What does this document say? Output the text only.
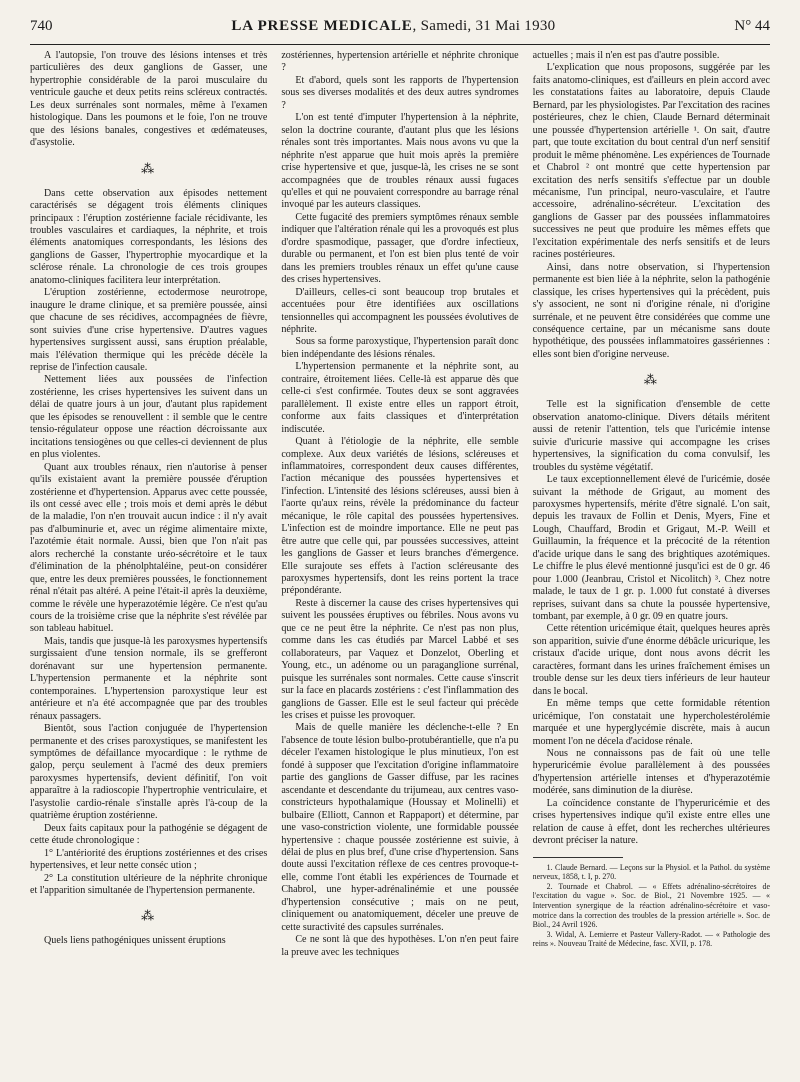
740	LA PRESSE MEDICALE, Samedi, 31 Mai 1930	N° 44

A l'autopsie, l'on trouve des lésions intenses et très particulières des deux ganglions de Gasser, une hypertrophie considérable de la paroi musculaire du ventricule gauche et deux petits reins scléreux contractés. Les deux surrénales sont normales, même à l'examen histologique. Dans les poumons et le foie, l'on ne trouve que des lésions banales, congestives et œdémateuses, d'asystolie.

⁂

Dans cette observation aux épisodes nettement caractérisés se dégagent trois éléments cliniques principaux : l'éruption zostérienne faciale récidivante, les troubles vasculaires et cardiaques, la néphrite, et trois éléments anatomiques correspondants, les lésions des ganglions de Gasser, l'hypertrophie myocardique et la sclérose rénale. La chronologie de ces trois groupes anatomo-cliniques facilitera leur interprétation.

L'éruption zostérienne, ectodermose neurotrope, inaugure le drame clinique, et sa première poussée, ainsi que chacune de ses récidives, accompagnées de fièvre, sont suivies d'une crise hypertensive. D'autres vagues hypertensives surgissent aussi, sans éruption préalable, mais l'élévation thermique qui les précède décèle la reprise de l'infection causale.

Nettement liées aux poussées de l'infection zostérienne, les crises hypertensives les suivent dans un délai de quatre jours à un jour, d'autant plus rapidement que les épisodes se renouvellent : il semble que le centre tensio-régulateur oppose une réaction décroissante aux incitations tensiogènes ou que celles-ci deviennent de plus en plus violentes.

Quant aux troubles rénaux, rien n'autorise à penser qu'ils existaient avant la première poussée d'éruption zostérienne et d'hypertension. Apparus avec cette poussée, ils ont cessé avec elle ; trois mois et demi après le début de la maladie, l'on n'en trouvait aucun indice : il n'y avait pas d'albuminurie et, avec un régime alimentaire mixte, l'azotémie était normale. Aussi, bien que l'on n'ait pas alors recherché la constante uréo-sécrétoire et le taux d'élimination de la phénolphtaléine, peut-on considérer que, entre les deux premières poussées, le fonctionnement rénal n'était pas altéré. A peine l'était-il après la deuxième, comme le révèle une hyperazotémie légère. Ce n'est qu'au cours de la troisième crise que la néphrite s'est révélée par son tableau habituel.

Mais, tandis que jusque-là les paroxysmes hypertensifs surgissaient d'une tension normale, ils se grefferont dorénavant sur une hypertension permanente. L'hypertension permanente et la néphrite sont contemporaines. L'hypertension paroxystique leur est antérieure et n'a été accompagnée que par des troubles rénaux passagers.

Bientôt, sous l'action conjuguée de l'hypertension permanente et des crises paroxystiques, se manifestent les symptômes de défaillance myocardique : le rythme de galop, perçu seulement à l'acmé des deux premiers paroxysmes hypertensifs, devient définitif, l'on voit apparaître à la radioscopie l'hypertrophie ventriculaire, et l'asystolie cardio-rénale s'installe après l'à-coup de la quatrième éruption zostérienne.

Deux faits capitaux pour la pathogénie se dégagent de cette étude chronologique :

1° L'antériorité des éruptions zostériennes et des crises hypertensives, et leur nette conséc ution ;

2° La constitution ultérieure de la néphrite chronique et l'apparition simultanée de l'hypertension permanente.

⁂

Quels liens pathogéniques unissent éruptions

zostériennes, hypertension artérielle et néphrite chronique ?

Et d'abord, quels sont les rapports de l'hypertension sous ses diverses modalités et des deux autres syndromes ?

L'on est tenté d'imputer l'hypertension à la néphrite, selon la doctrine courante, d'autant plus que les lésions rénales sont très importantes. Mais nous avons vu que la néphrite n'est apparue que huit mois après la première crise hypertensive et que, jusque-là, les crises ne se sont accompagnées que de troubles rénaux aussi fugaces qu'elles et qui ne pouvaient correspondre au barrage rénal invoqué par les auteurs classiques.

Cette fugacité des premiers symptômes rénaux semble indiquer que l'altération rénale qui les a provoqués est plus d'ordre spasmodique, passager, que d'ordre infectieux, durable ou permanent, et l'on est bien plus tenté de voir dans les premiers troubles rénaux un effet qu'une cause des crises hypertensives.

D'ailleurs, celles-ci sont beaucoup trop brutales et accentuées pour être identifiées aux oscillations tensionnelles qui accompagnent les poussées évolutives de néphrite.

Sous sa forme paroxystique, l'hypertension paraît donc bien indépendante des lésions rénales.

L'hypertension permanente et la néphrite sont, au contraire, étroitement liées. Celle-là est apparue dès que celle-ci s'est confirmée. Toutes deux se sont aggravées parallèlement. Il existe entre elles un rapport étroit, conforme aux faits classiques et d'interprétation indiscutée.

Quant à l'étiologie de la néphrite, elle semble complexe. Aux deux variétés de lésions, scléreuses et inflammatoires, correspondent deux causes différentes, l'action mécanique des poussées hypertensives et l'infection. L'intensité des lésions scléreuses, aussi bien à l'aorte qu'aux reins, révèle la prédominance du facteur mécanique, le rôle capital des poussées hypertensives. L'infection est de moindre importance. Elle ne peut pas être autre que celle qui, par poussées successives, atteint les ganglions de Gasser et leurs branches d'émergence. Elle surajoute ses effets à l'action scléreusante des paroxysmes hypertensifs, dont les reins portent la trace prépondérante.

Reste à discerner la cause des crises hypertensives qui suivent les poussées éruptives ou fébriles. Nous avons vu que ce ne peut être la néphrite. Ce n'est pas non plus, comme dans les cas étudiés par Marcel Labbé et ses collaborateurs, par Vaquez et Donzelot, Oberling et Young, etc., un adénome ou un paraganglione surrénal, puisque les surrénales sont normales. Cette cause s'inscrit sur la face en placards zostériens : c'est l'inflammation des ganglions de Gasser. Elle est le seul facteur qui précède les crises et puisse les provoquer.

Mais de quelle manière les déclenche-t-elle ? En l'absence de toute lésion bulbo-protubérantielle, que n'a pu déceler l'examen histologique le plus minutieux, l'on est fondé à supposer que l'excitation d'origine inflammatoire partie des ganglions de Gasser diffuse, par les racines ascendante et descendante du trijumeau, aux centres vaso-constricteurs hypothalamique (Houssay et Molinelli) et bulbaire (Elliott, Cannon et Rappaport) et détermine, par une vaso-constriction violente, une formidable poussée hypertensive : chaque poussée zostérienne est suivie, à délai de plus en plus bref, d'une crise d'hypertension. Sans doute aussi l'excitation réflexe de ces centres provoque-t-elle, comme l'ont établi les expériences de Tournade et Chabrol, une hyper-adrénalinémie et une poussée d'hypertension consécutive ; mais on ne peut, cliniquement ou anatomiquement, déceler une preuve de cette suractivité des capsules surrénales.

Ce ne sont là que des hypothèses. L'on n'en peut faire la preuve avec les techniques

actuelles ; mais il n'en est pas d'autre possible.

L'explication que nous proposons, suggérée par les faits anatomo-cliniques, est d'ailleurs en plein accord avec les constatations faites au laboratoire, depuis Claude Bernard, par les physiologistes. Par l'excitation des racines postérieures, chez le chien, Claude Bernard déterminait une poussée d'hypertension artérielle ¹. On sait, d'autre part, que toute excitation du bout central d'un nerf sensitif produit le même phénomène. Les expériences de Tournade et Chabrol ² ont montré que cette hypertension par excitation des nerfs sensitifs s'effectue par un double mécanisme, l'un principal, neuro-vasculaire, et l'autre accessoire, adrénalino-sécréteur. L'excitation des ganglions de Gasser par des poussées inflammatoires successives ne peut que produire les mêmes effets que l'excitation expérimentale des nerfs sensitifs et de leurs racines postérieures.

Ainsi, dans notre observation, si l'hypertension permanente est bien liée à la néphrite, selon la pathogénie classique, les crises hypertensives qui la précèdent, puis s'y associent, ne sont ni d'origine rénale, ni d'origine surrénale, et ne peuvent être considérées que comme une conséquence certaine, par un mécanisme sans doute hypothétique, des poussées inflammatoires gassériennes : elles sont bien d'origine nerveuse.

⁂

Telle est la signification d'ensemble de cette observation anatomo-clinique. Divers détails méritent aussi de retenir l'attention, tels que l'uricémie intense suivie d'uricurie massive qui accompagne les crises hypertensives, la signification du coma convulsif, les troubles du système végétatif.

Le taux exceptionnellement élevé de l'uricémie, dosée suivant la méthode de Grigaut, au moment des paroxysmes hypertensifs, mérite d'être signalé. L'on sait, depuis les travaux de Follin et Denis, Myers, Fine et Lough, Chauffard, Brodin et Grigaut, M.-P. Weill et Guillaumin, la fréquence et la précocité de la rétention d'acide urique dans le sang des brightiques azotémiques. Le chiffre le plus élevé mentionné jusqu'ici est de 0 gr. 46 pour 1.000 (Jeanbrau, Cristol et Nicolitch) ³. Chez notre malade, le taux de 1 gr. p. 1.000 fut constaté à diverses reprises, suivant dans sa chute la poussée hypertensive, tombant, par exemple, à 0 gr. 09 en quatre jours.

Cette rétention uricémique était, quelques heures après son apparition, suivie d'une énorme débâcle uricurique, les cristaux d'acide urique, dont nous avons décrit les caractères, formant dans les urines fraîchement émises un trouble dense sur les deux tiers inférieurs de leur hauteur dans le bocal.

En même temps que cette formidable rétention uricémique, l'on constatait une hypercholestérolémie marquée et une hyperglycémie discrète, mais à aucun moment l'on ne décela d'acidose rénale.

Nous ne connaissons pas de fait où une telle hyperuricémie évolue parallèlement à des poussées d'hypertension artérielle intenses et d'hyperazotémie modérée, sans diminution de la diurèse.

La coïncidence constante de l'hyperuricémie et des crises hypertensives indique qu'il existe entre elles une relation de cause à effet, dont les recherches ultérieures devront préciser la nature.

1. Claude Bernard. — Leçons sur la Physiol. et la Pathol. du système nerveux, 1858, t. I, p. 270.

2. Tournade et Chabrol. — « Effets adrénalino-sécrétoires de l'excitation du vague ». Soc. de Biol., 21 Novembre 1925. — « Intervention synergique de la réaction adrénalino-sécrétoire et vaso-motrice dans la correction des troubles de la pression artérielle ». Soc. de Biol., 24 Avril 1926.

3. Widal, A. Lemierre et Pasteur Vallery-Radot. — « Pathologie des reins ». Nouveau Traité de Médecine, fasc. XVII, p. 178.
